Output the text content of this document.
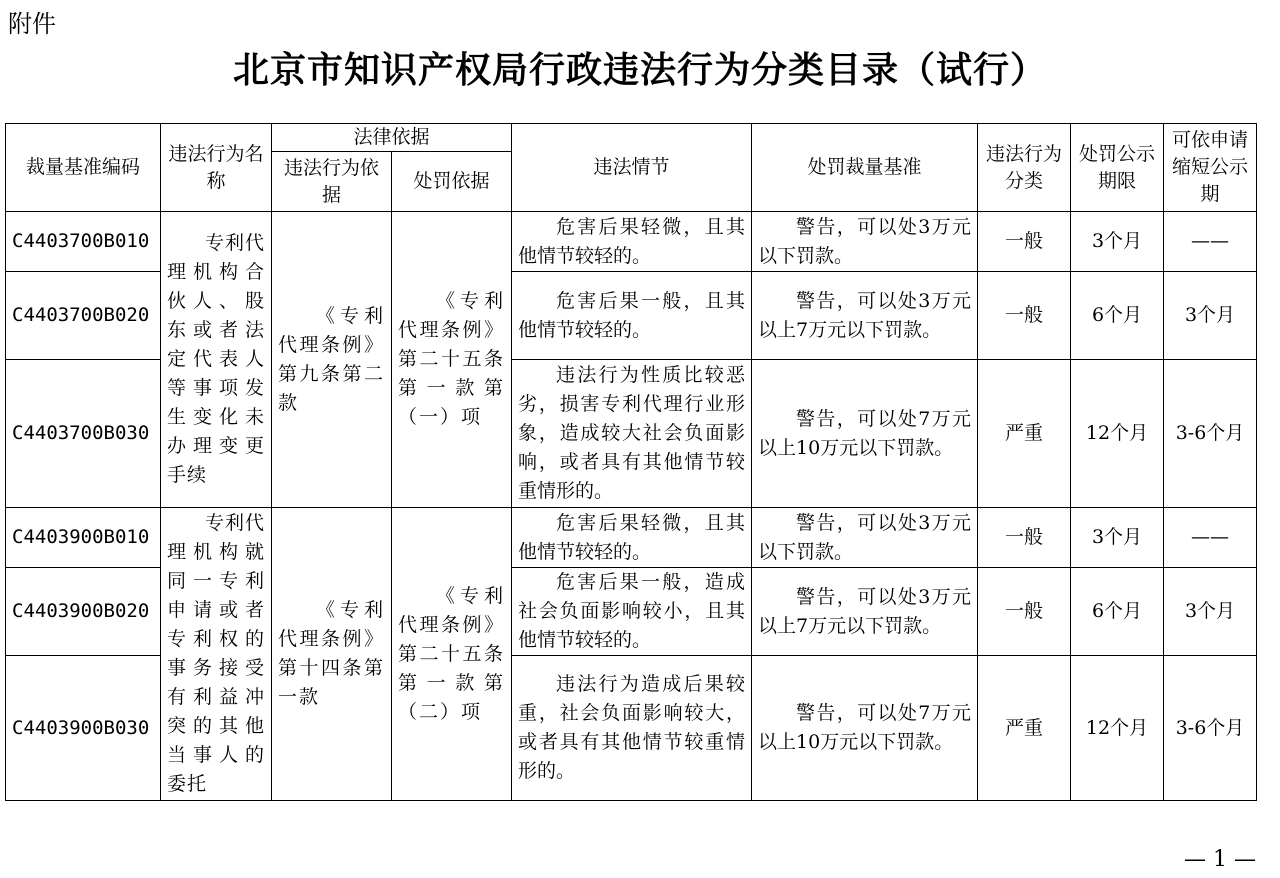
附件
北京市知识产权局行政违法行为分类目录（试行）
裁量基准编码	违法行为名称	法律依据		违法情节	处罚裁量基准	违法行为分类	处罚公示期限	可依申请缩短公示期
		违法行为依据	处罚依据					
C4403700B010	专利代理机构合伙人、股东或者法定代表人等事项发生变化未办理变更手续	《专利代理条例》第九条第二款	《专利代理条例》第二十五条第一款第（一）项	危害后果轻微，且其他情节较轻的。	警告，可以处3万元以下罚款。	一般	3个月	——
C4403700B020				危害后果一般，且其他情节较轻的。	警告，可以处3万元以上7万元以下罚款。	一般	6个月	3个月
C4403700B030				违法行为性质比较恶劣，损害专利代理行业形象，造成较大社会负面影响，或者具有其他情节较重情形的。	警告，可以处7万元以上10万元以下罚款。	严重	12个月	3-6个月
C4403900B010	专利代理机构就同一专利申请或者专利权的事务接受有利益冲突的其他当事人的委托	《专利代理条例》第十四条第一款	《专利代理条例》第二十五条第一款第（二）项	危害后果轻微，且其他情节较轻的。	警告，可以处3万元以下罚款。	一般	3个月	——
C4403900B020				危害后果一般，造成社会负面影响较小，且其他情节较轻的。	警告，可以处3万元以上7万元以下罚款。	一般	6个月	3个月
C4403900B030				违法行为造成后果较重，社会负面影响较大，或者具有其他情节较重情形的。	警告，可以处7万元以上10万元以下罚款。	严重	12个月	3-6个月
— 1 —
